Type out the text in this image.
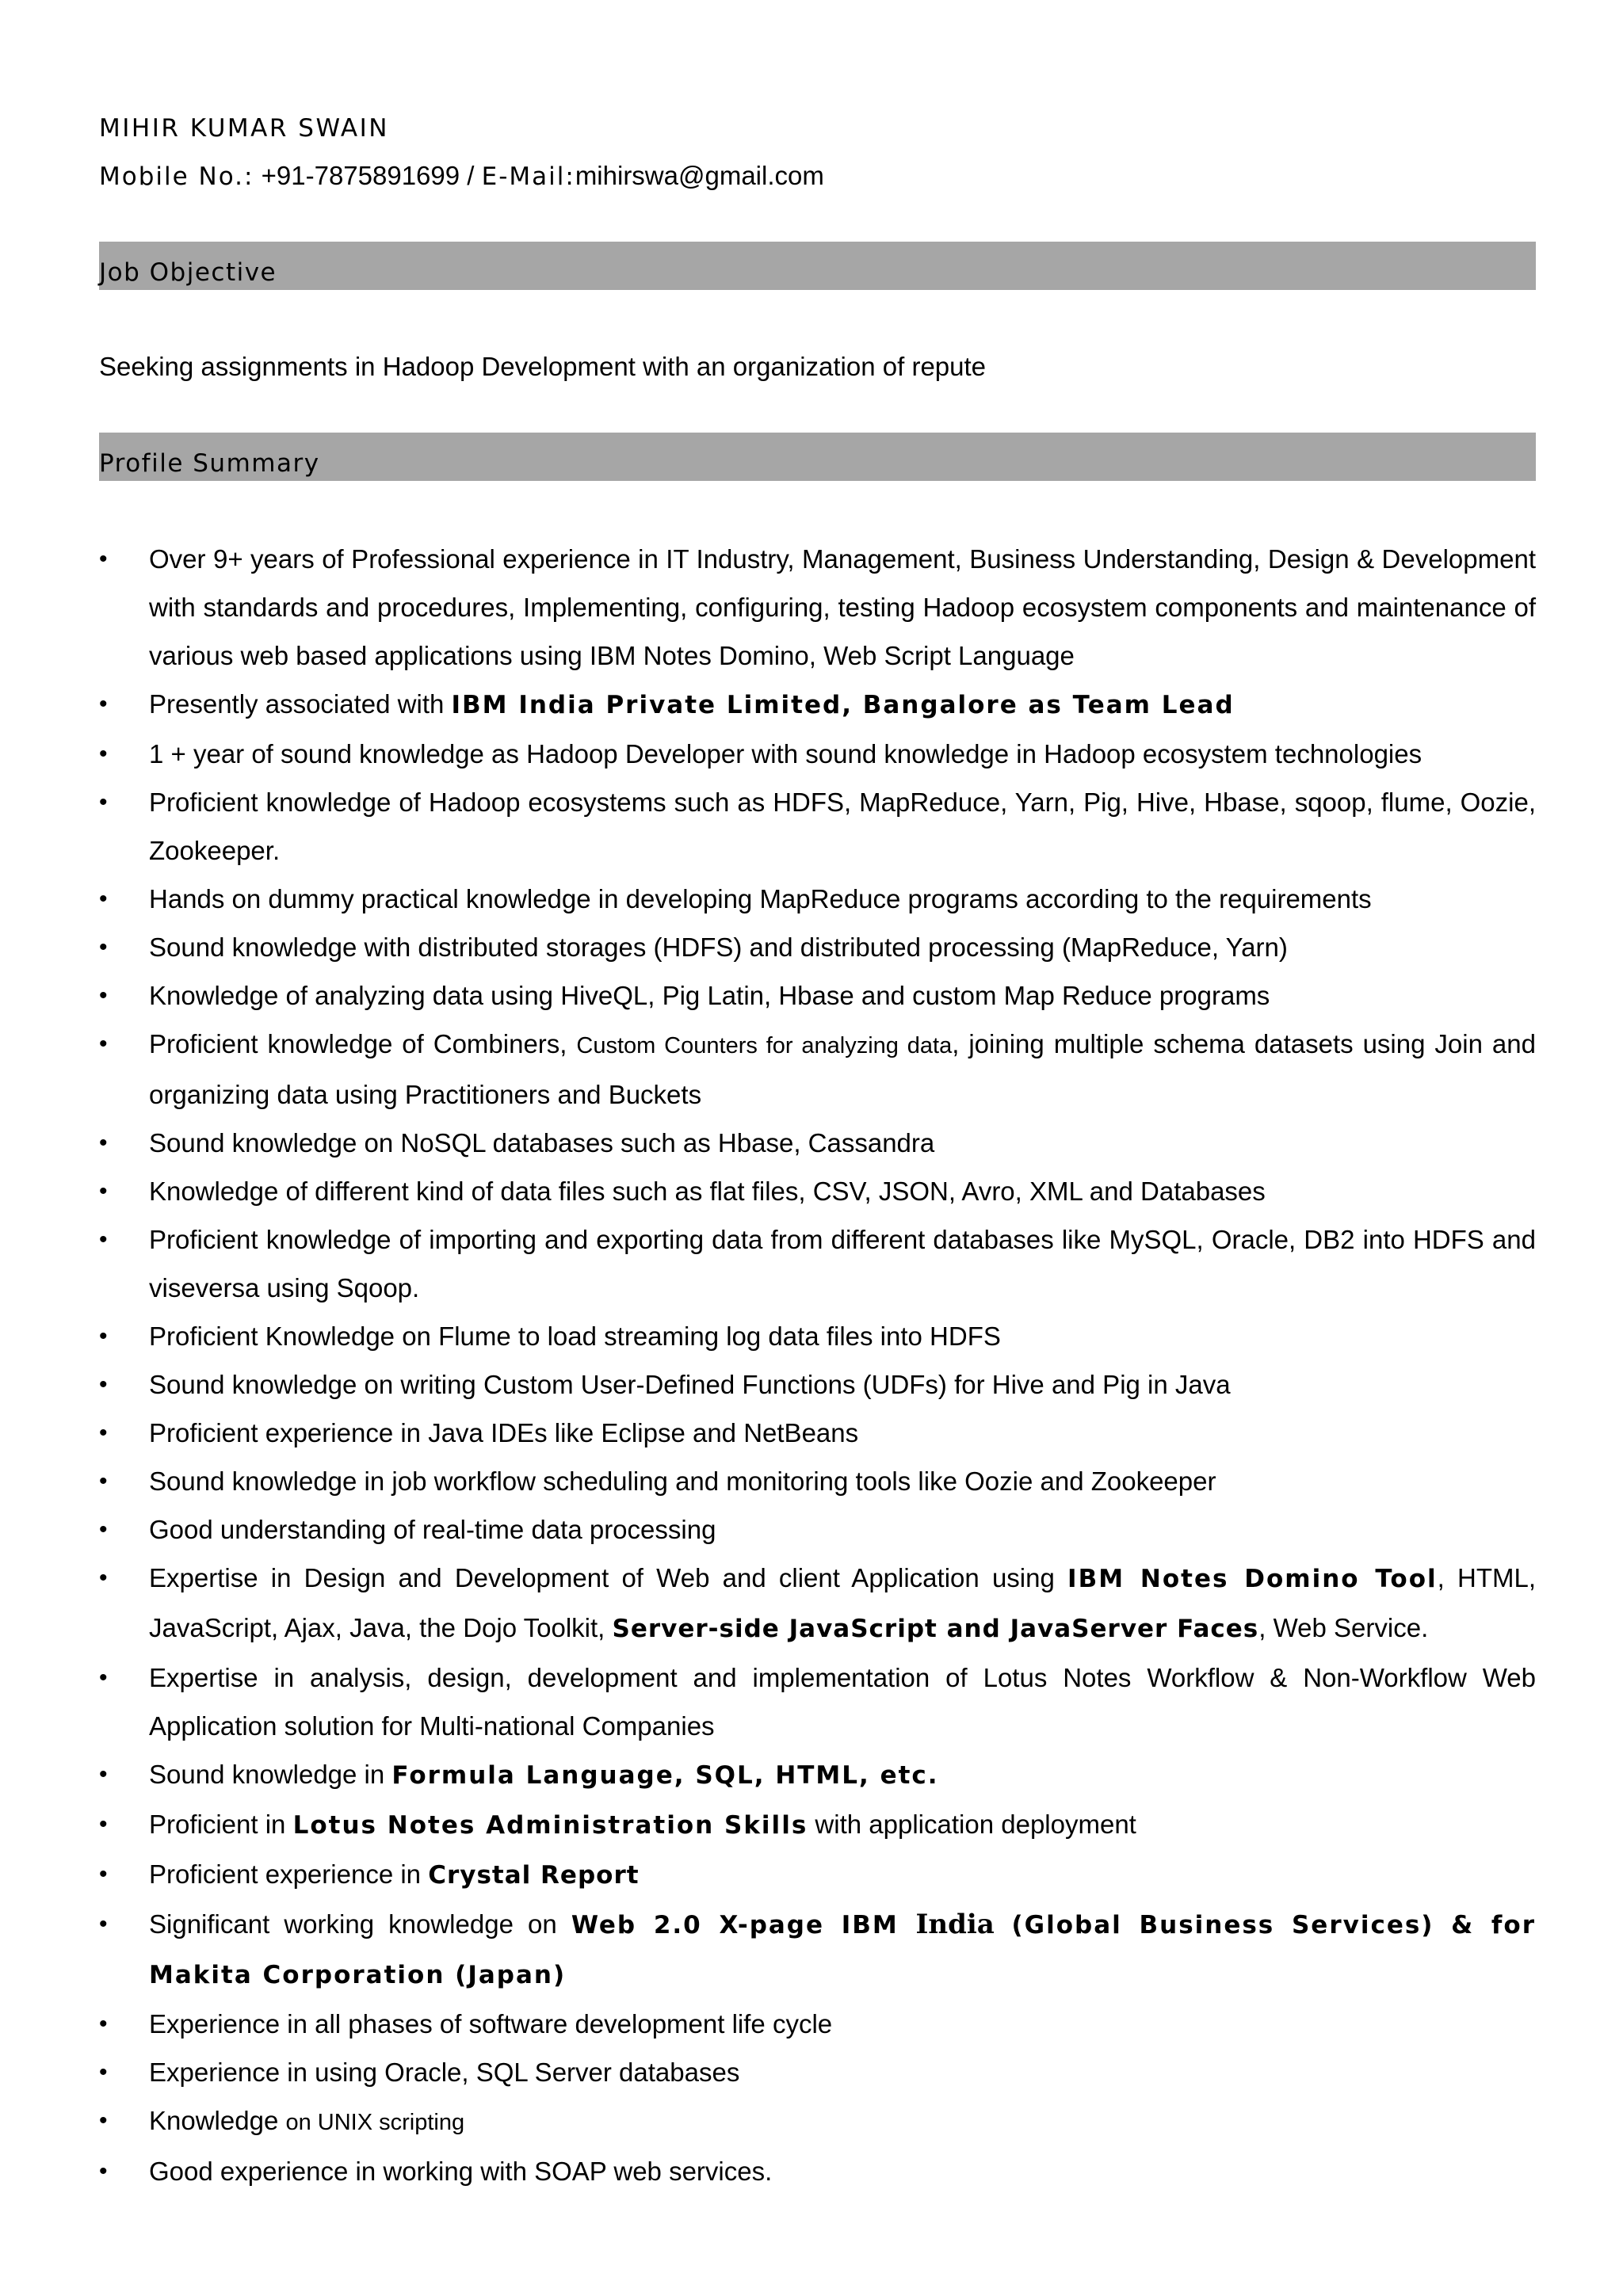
MIHIR KUMAR SWAIN
Mobile No.: +91-7875891699 / E-Mail:mihirswa@gmail.com
Job Objective
Seeking assignments in Hadoop Development with an organization of repute
Profile Summary
• Over 9+ years of Professional experience in IT Industry, Management, Business Understanding, Design & Development with standards and procedures, Implementing, configuring, testing Hadoop ecosystem components and maintenance of various web based applications using IBM Notes Domino, Web Script Language
• Presently associated with IBM India Private Limited, Bangalore as Team Lead
• 1 + year of sound knowledge as Hadoop Developer with sound knowledge in Hadoop ecosystem technologies
• Proficient knowledge of Hadoop ecosystems such as HDFS, MapReduce, Yarn, Pig, Hive, Hbase, sqoop, flume, Oozie, Zookeeper.
• Hands on dummy practical knowledge in developing MapReduce programs according to the requirements
• Sound knowledge with distributed storages (HDFS) and distributed processing (MapReduce, Yarn)
• Knowledge of analyzing data using HiveQL, Pig Latin, Hbase and custom Map Reduce programs
• Proficient knowledge of Combiners, Custom Counters for analyzing data, joining multiple schema datasets using Join and organizing data using Practitioners and Buckets
• Sound knowledge on NoSQL databases such as Hbase, Cassandra
• Knowledge of different kind of data files such as flat files, CSV, JSON, Avro, XML and Databases
• Proficient knowledge of importing and exporting data from different databases like MySQL, Oracle, DB2 into HDFS and viseversa using Sqoop.
• Proficient Knowledge on Flume to load streaming log data files into HDFS
• Sound knowledge on writing Custom User-Defined Functions (UDFs) for Hive and Pig in Java
• Proficient experience in Java IDEs like Eclipse and NetBeans
• Sound knowledge in job workflow scheduling and monitoring tools like Oozie and Zookeeper
• Good understanding of real-time data processing
• Expertise in Design and Development of Web and client Application using IBM Notes Domino Tool, HTML, JavaScript, Ajax, Java, the Dojo Toolkit, Server-side JavaScript and JavaServer Faces, Web Service.
• Expertise in analysis, design, development and implementation of Lotus Notes Workflow & Non-Workflow Web Application solution for Multi-national Companies
• Sound knowledge in Formula Language, SQL, HTML, etc.
• Proficient in Lotus Notes Administration Skills with application deployment
• Proficient experience in Crystal Report
• Significant working knowledge on Web 2.0 X-page IBM India (Global Business Services) & for Makita Corporation (Japan)
• Experience in all phases of software development life cycle
• Experience in using Oracle, SQL Server databases
• Knowledge on UNIX scripting
• Good experience in working with SOAP web services.
